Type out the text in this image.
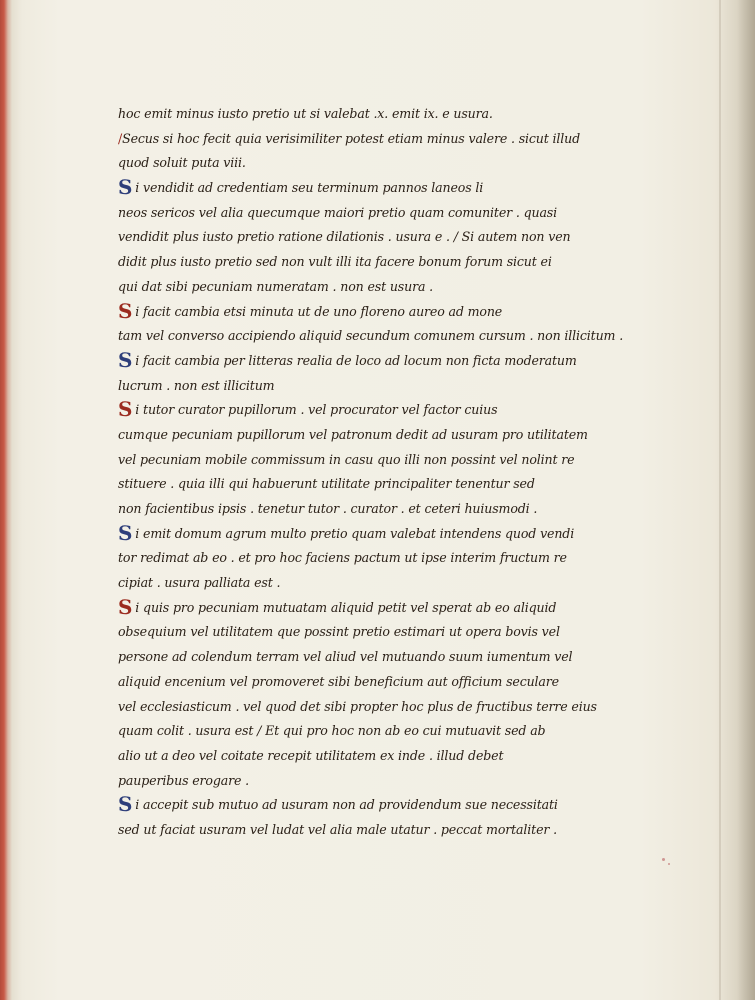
hoc emit minus iusto pretio ut si valebat .x. emit ix. e usura.
/Secus si hoc fecit quia verisimiliter potest etiam minus valere . sicut illud
quod soluit puta viii.
Si vendidit ad credentiam seu terminum pannos laneos li
neos sericos vel alia quecumque maiori pretio quam comuniter . quasi
vendidit plus iusto pretio ratione dilationis . usura e . / Si autem non ven
didit plus iusto pretio sed non vult illi ita facere bonum forum sicut ei
qui dat sibi pecuniam numeratam . non est usura .
Si facit cambia etsi minuta ut de uno floreno aureo ad mone
tam vel converso accipiendo aliquid secundum comunem cursum . non illicitum .
Si facit cambia per litteras realia de loco ad locum non ficta moderatum
lucrum . non est illicitum
Si tutor curator pupillorum . vel procurator vel factor cuius
cumque pecuniam pupillorum vel patronum dedit ad usuram pro utilitatem
vel pecuniam mobile commissum in casu quo illi non possint vel nolint re
stituere . quia illi qui habuerunt utilitate principaliter tenentur sed
non facientibus ipsis . tenetur tutor . curator . et ceteri huiusmodi .
Si emit domum agrum multo pretio quam valebat intendens quod vendi
tor redimat ab eo . et pro hoc faciens pactum ut ipse interim fructum re
cipiat . usura palliata est .
Si quis pro pecuniam mutuatam aliquid petit vel sperat ab eo aliquid
obsequium vel utilitatem que possint pretio estimari ut opera bovis vel
persone ad colendum terram vel aliud vel mutuando suum iumentum vel
aliquid encenium vel promoveret sibi beneficium aut officium seculare
vel ecclesiasticum . vel quod det sibi propter hoc plus de fructibus terre eius
quam colit . usura est / Et qui pro hoc non ab eo cui mutuavit sed ab
alio ut a deo vel coitate recepit utilitatem ex inde . illud debet
pauperibus erogare .
Si accepit sub mutuo ad usuram non ad providendum sue necessitati
sed ut faciat usuram vel ludat vel alia male utatur . peccat mortaliter .
